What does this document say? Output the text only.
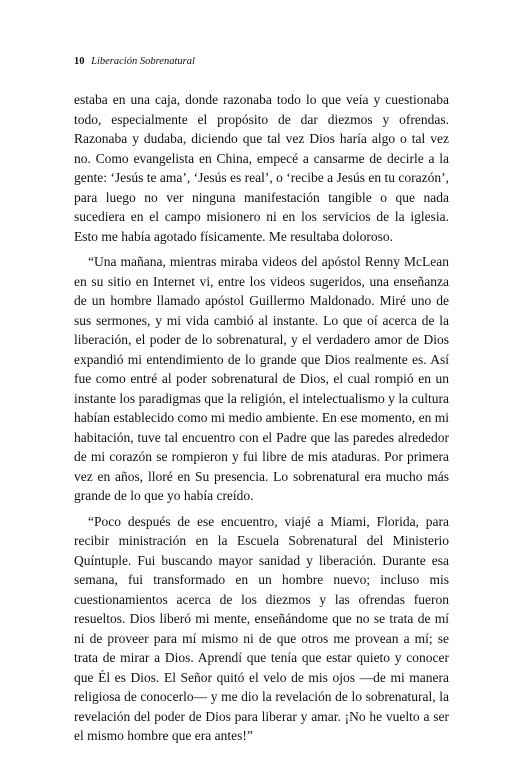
10 Liberación Sobrenatural

estaba en una caja, donde razonaba todo lo que veía y cuestionaba todo, especialmente el propósito de dar diezmos y ofrendas. Razonaba y dudaba, diciendo que tal vez Dios haría algo o tal vez no. Como evangelista en China, empecé a cansarme de decirle a la gente: ‘Jesús te ama’, ‘Jesús es real’, o ‘recibe a Jesús en tu corazón’, para luego no ver ninguna manifestación tangible o que nada sucediera en el campo misionero ni en los servicios de la iglesia. Esto me había agotado físicamente. Me resultaba doloroso.

“Una mañana, mientras miraba videos del apóstol Renny McLean en su sitio en Internet vi, entre los videos sugeridos, una enseñanza de un hombre llamado apóstol Guillermo Maldonado. Miré uno de sus sermones, y mi vida cambió al instante. Lo que oí acerca de la liberación, el poder de lo sobrenatural, y el verdadero amor de Dios expandió mi entendimiento de lo grande que Dios realmente es. Así fue como entré al poder sobrenatural de Dios, el cual rompió en un instante los paradigmas que la religión, el intelectualismo y la cultura habían establecido como mi medio ambiente. En ese momento, en mi habitación, tuve tal encuentro con el Padre que las paredes alrededor de mi corazón se rompieron y fui libre de mis ataduras. Por primera vez en años, lloré en Su presencia. Lo sobrenatural era mucho más grande de lo que yo había creído.

“Poco después de ese encuentro, viajé a Miami, Florida, para recibir ministración en la Escuela Sobrenatural del Ministerio Quíntuple. Fui buscando mayor sanidad y liberación. Durante esa semana, fui transformado en un hombre nuevo; incluso mis cuestionamientos acerca de los diezmos y las ofrendas fueron resueltos. Dios liberó mi mente, enseñándome que no se trata de mí ni de proveer para mí mismo ni de que otros me provean a mí; se trata de mirar a Dios. Aprendí que tenía que estar quieto y conocer que Él es Dios. El Señor quitó el velo de mis ojos —de mi manera religiosa de conocerlo— y me dio la revelación de lo sobrenatural, la revelación del poder de Dios para liberar y amar. ¡No he vuelto a ser el mismo hombre que era antes!”
